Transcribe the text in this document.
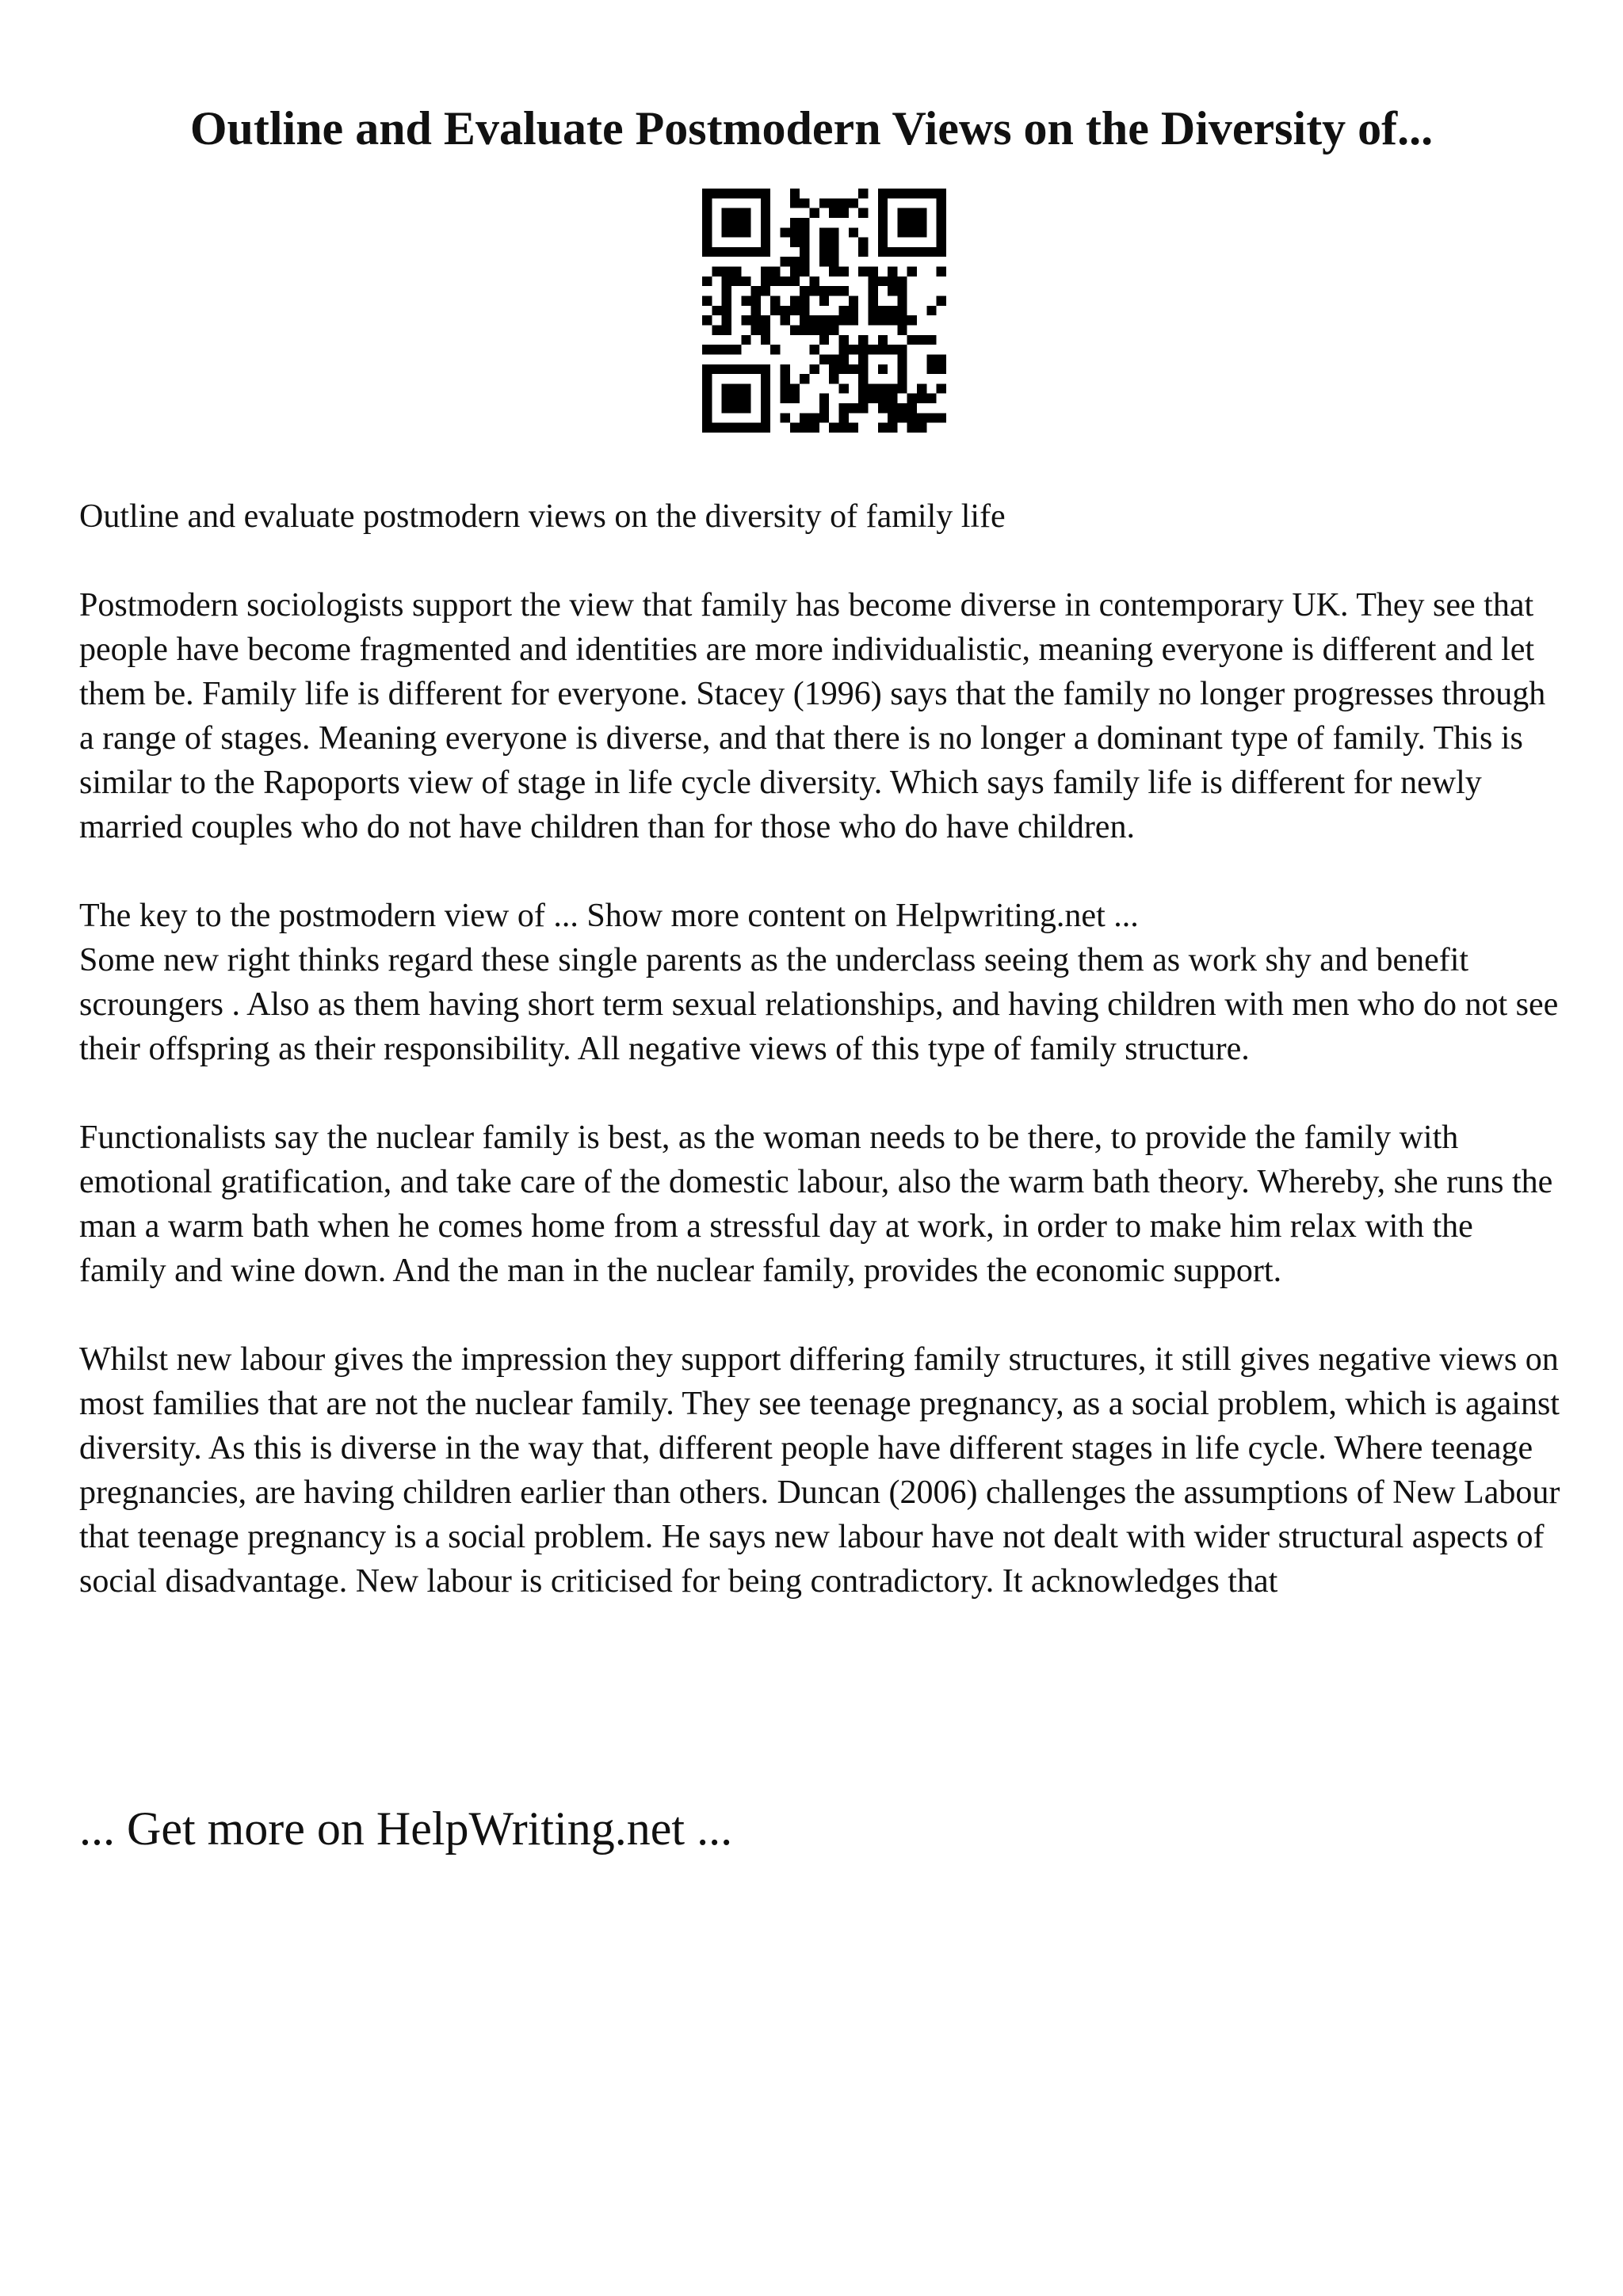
Outline and Evaluate Postmodern Views on the Diversity of...

Outline and evaluate postmodern views on the diversity of family life

Postmodern sociologists support the view that family has become diverse in contemporary UK. They see that people have become fragmented and identities are more individualistic, meaning everyone is different and let them be. Family life is different for everyone. Stacey (1996) says that the family no longer progresses through a range of stages. Meaning everyone is diverse, and that there is no longer a dominant type of family. This is similar to the Rapoports view of stage in life cycle diversity. Which says family life is different for newly married couples who do not have children than for those who do have children.

The key to the postmodern view of ... Show more content on Helpwriting.net ...

Some new right thinks regard these single parents as the underclass seeing them as work shy and benefit scroungers . Also as them having short term sexual relationships, and having children with men who do not see their offspring as their responsibility. All negative views of this type of family structure.

Functionalists say the nuclear family is best, as the woman needs to be there, to provide the family with emotional gratification, and take care of the domestic labour, also the warm bath theory. Whereby, she runs the man a warm bath when he comes home from a stressful day at work, in order to make him relax with the family and wine down. And the man in the nuclear family, provides the economic support.

Whilst new labour gives the impression they support differing family structures, it still gives negative views on most families that are not the nuclear family. They see teenage pregnancy, as a social problem, which is against diversity. As this is diverse in the way that, different people have different stages in life cycle. Where teenage pregnancies, are having children earlier than others. Duncan (2006) challenges the assumptions of New Labour that teenage pregnancy is a social problem. He says new labour have not dealt with wider structural aspects of social disadvantage. New labour is criticised for being contradictory. It acknowledges that

... Get more on HelpWriting.net ...
